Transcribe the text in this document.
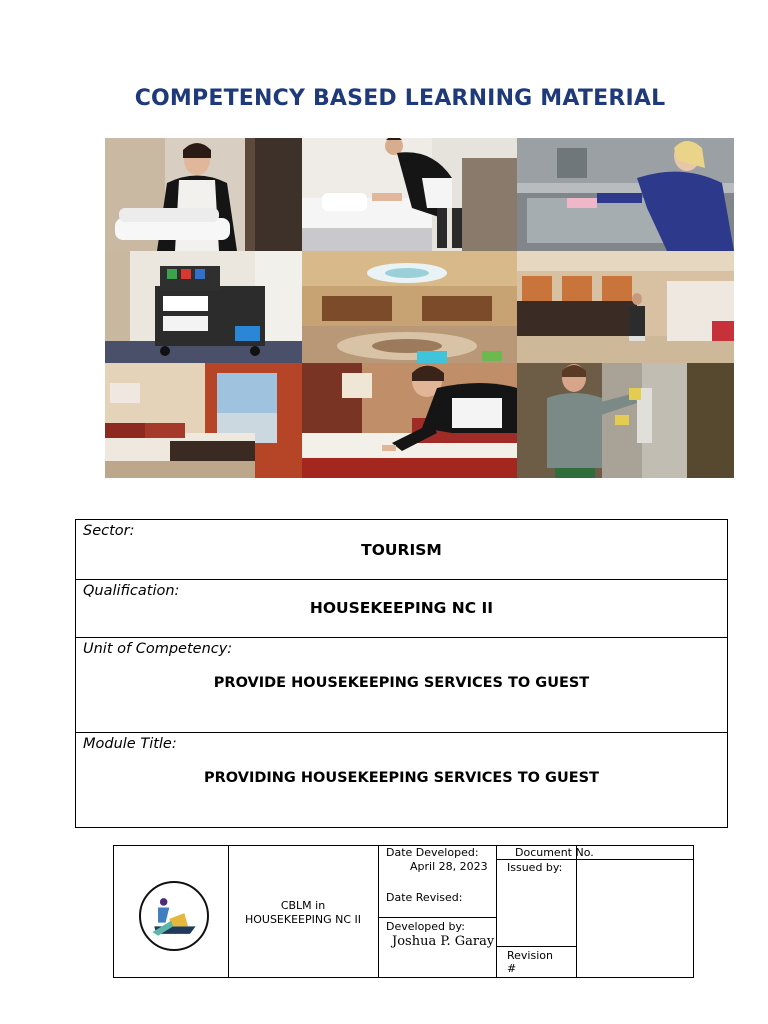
COMPETENCY BASED LEARNING MATERIAL
Sector:
TOURISM
Qualification:
HOUSEKEEPING NC II
Unit of Competency:
PROVIDE HOUSEKEEPING SERVICES TO GUEST
Module Title:
PROVIDING HOUSEKEEPING SERVICES TO GUEST
CBLM in
HOUSEKEEPING NC II
Date Developed:
April 28, 2023
Date Revised:
Developed by:
Joshua P. Garay
Document No.
Issued by:
Revision
#
